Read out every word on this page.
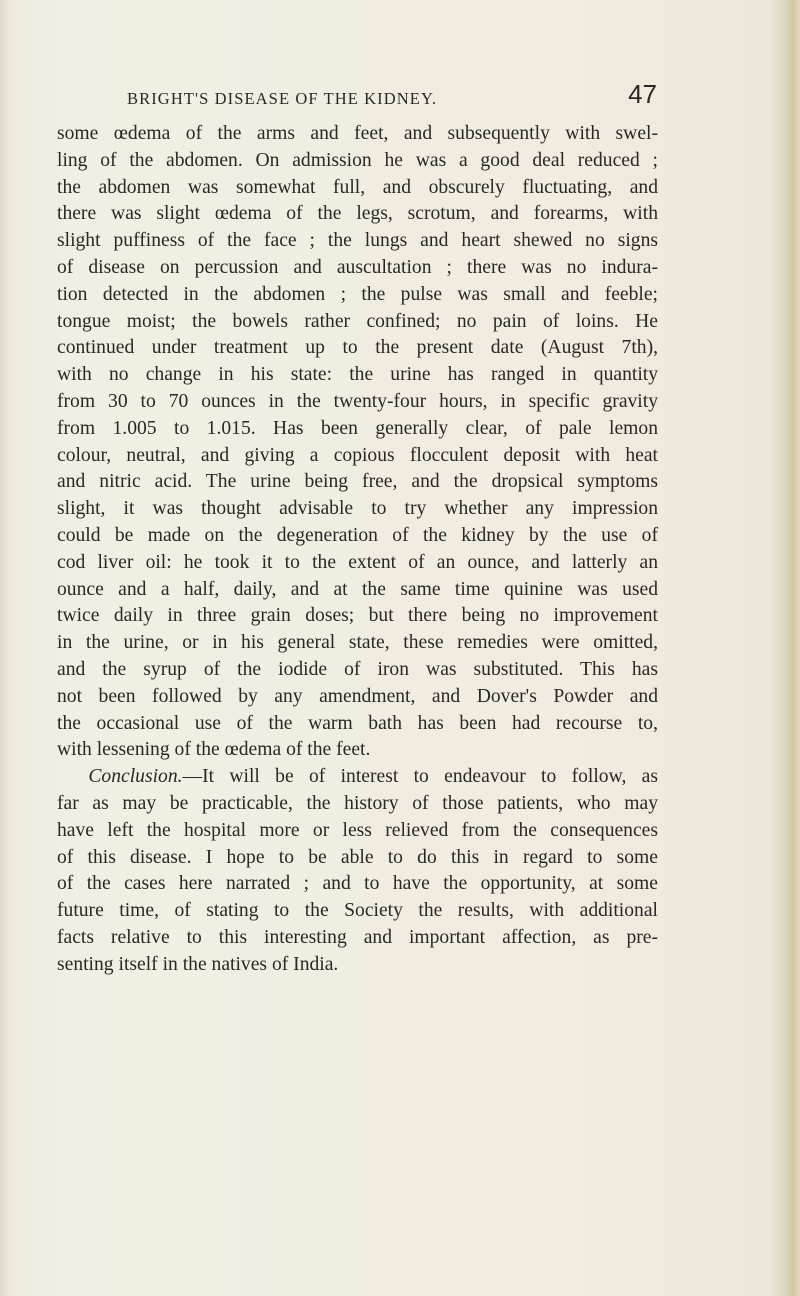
BRIGHT'S DISEASE OF THE KIDNEY.	47
some œdema of the arms and feet, and subsequently with swel-
ling of the abdomen. On admission he was a good deal reduced ;
the abdomen was somewhat full, and obscurely fluctuating, and
there was slight œdema of the legs, scrotum, and forearms, with
slight puffiness of the face ; the lungs and heart shewed no signs
of disease on percussion and auscultation ; there was no indura-
tion detected in the abdomen ; the pulse was small and feeble;
tongue moist; the bowels rather confined; no pain of loins. He
continued under treatment up to the present date (August 7th),
with no change in his state: the urine has ranged in quantity
from 30 to 70 ounces in the twenty-four hours, in specific gravity
from 1.005 to 1.015. Has been generally clear, of pale lemon
colour, neutral, and giving a copious flocculent deposit with heat
and nitric acid. The urine being free, and the dropsical symptoms
slight, it was thought advisable to try whether any impression
could be made on the degeneration of the kidney by the use of
cod liver oil: he took it to the extent of an ounce, and latterly an
ounce and a half, daily, and at the same time quinine was used
twice daily in three grain doses; but there being no improvement
in the urine, or in his general state, these remedies were omitted,
and the syrup of the iodide of iron was substituted. This has
not been followed by any amendment, and Dover's Powder and
the occasional use of the warm bath has been had recourse to,
with lessening of the œdema of the feet.
Conclusion.—It will be of interest to endeavour to follow, as
far as may be practicable, the history of those patients, who may
have left the hospital more or less relieved from the consequences
of this disease. I hope to be able to do this in regard to some
of the cases here narrated ; and to have the opportunity, at some
future time, of stating to the Society the results, with additional
facts relative to this interesting and important affection, as pre-
senting itself in the natives of India.
